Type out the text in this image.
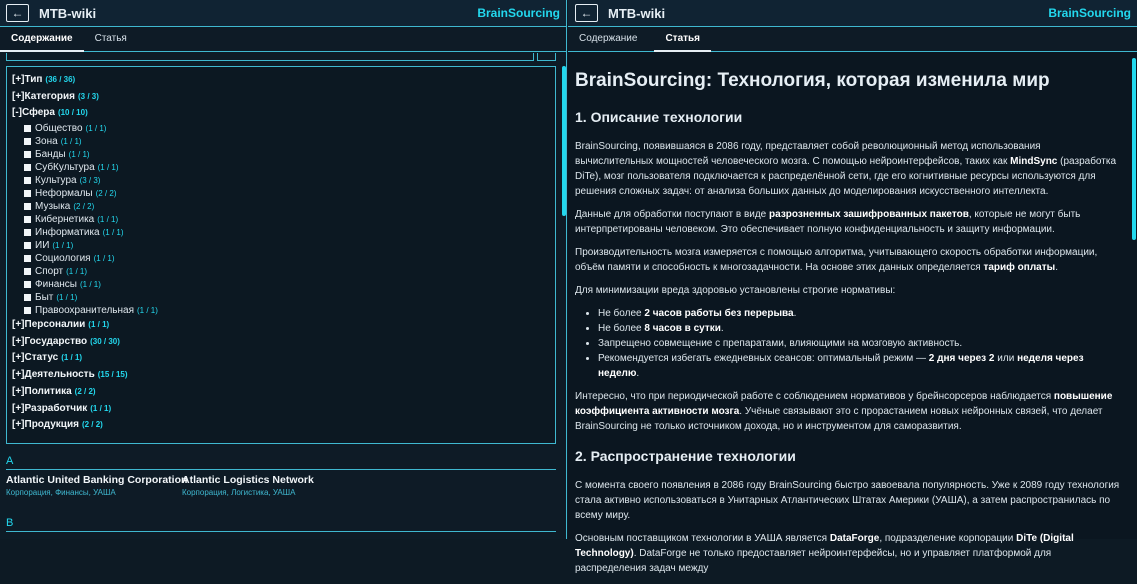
← MTB-wiki	BrainSourcing
Содержание	Статья
[+]Тип (36 / 36)
[+]Категория (3 / 3)
[-]Сфера (10 / 10)
Общество (1 / 1)
Зона (1 / 1)
Банды (1 / 1)
СубКультура (1 / 1)
Культура (3 / 3)
Неформалы (2 / 2)
Музыка (2 / 2)
Кибернетика (1 / 1)
Информатика (1 / 1)
ИИ (1 / 1)
Социология (1 / 1)
Спорт (1 / 1)
Финансы (1 / 1)
Быт (1 / 1)
Правоохранительная (1 / 1)
[+]Персоналии (1 / 1)
[+]Государство (30 / 30)
[+]Статус (1 / 1)
[+]Деятельность (15 / 15)
[+]Политика (2 / 2)
[+]Разработчик (1 / 1)
[+]Продукция (2 / 2)
A
Atlantic United Banking Corporation
Корпорация, Финансы, УАША
Atlantic Logistics Network
Корпорация, Логистика, УАША
B
← MTB-wiki	BrainSourcing
Содержание	Статья
BrainSourcing: Технология, которая изменила мир
1. Описание технологии

BrainSourcing, появившаяся в 2086 году, представляет собой революционный метод использования вычислительных мощностей человеческого мозга. С помощью нейроинтерфейсов, таких как MindSync (разработка DiTe), мозг пользователя подключается к распределённой сети, где его когнитивные ресурсы используются для решения сложных задач: от анализа больших данных до моделирования искусственного интеллекта.

Данные для обработки поступают в виде разрозненных зашифрованных пакетов, которые не могут быть интерпретированы человеком. Это обеспечивает полную конфиденциальность и защиту информации.

Производительность мозга измеряется с помощью алгоритма, учитывающего скорость обработки информации, объём памяти и способность к многозадачности. На основе этих данных определяется тариф оплаты.

Для минимизации вреда здоровью установлены строгие нормативы:

• Не более 2 часов работы без перерыва.
• Не более 8 часов в сутки.
• Запрещено совмещение с препаратами, влияющими на мозговую активность.
• Рекомендуется избегать ежедневных сеансов: оптимальный режим — 2 дня через 2 или неделя через неделю.

Интересно, что при периодической работе с соблюдением нормативов у брейнсорсеров наблюдается повышение коэффициента активности мозга. Учёные связывают это с прорастанием новых нейронных связей, что делает BrainSourcing не только источником дохода, но и инструментом для саморазвития.

2. Распространение технологии

С момента своего появления в 2086 году BrainSourcing быстро завоевала популярность. Уже к 2089 году технология стала активно использоваться в Унитарных Атлантических Штатах Америки (УАША), а затем распространилась по всему миру.

Основным поставщиком технологии в УАША является DataForge, подразделение корпорации DiTe (Digital Technology). DataForge не только предоставляет нейроинтерфейсы, но и управляет платформой для распределения задач между
